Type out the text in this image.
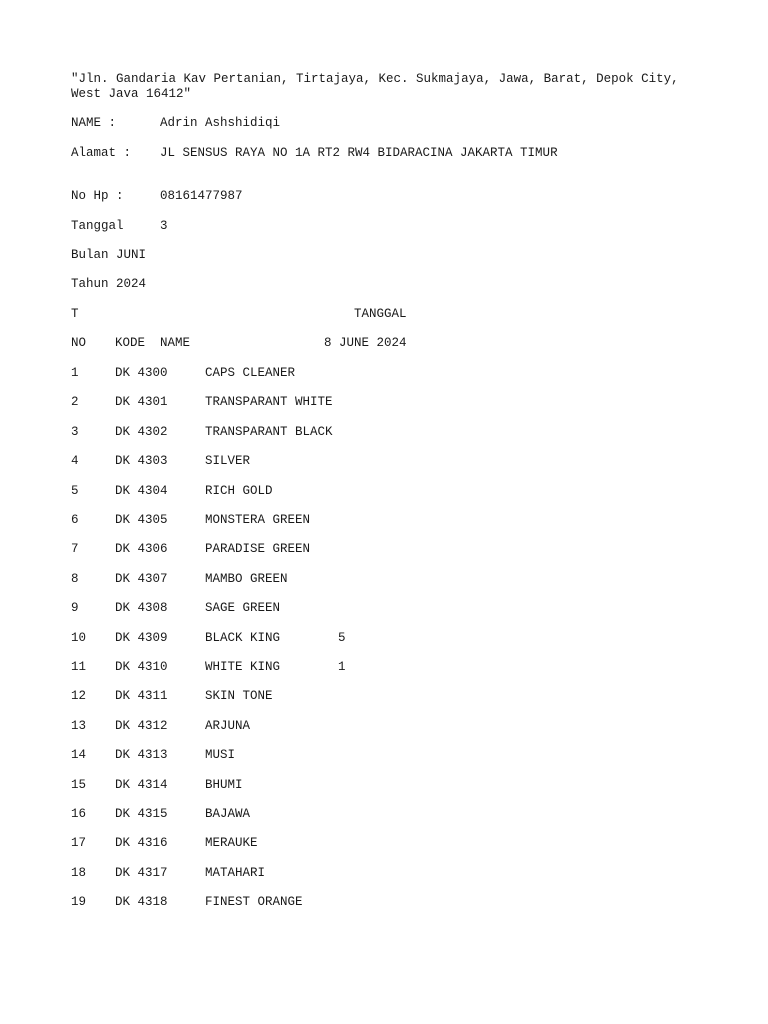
"Jln. Gandaria Kav Pertanian, Tirtajaya, Kec. Sukmajaya, Jawa, Barat, Depok City,
West Java 16412"
NAME :	Adrin Ashshidiqi
Alamat : JL SENSUS RAYA NO 1A RT2 RW4 BIDARACINA JAKARTA TIMUR
No Hp :	08161477987
Tanggal	3
Bulan JUNI
Tahun 2024
T	TANGGAL
NO KODE NAME	8 JUNE 2024
1	DK 4300	CAPS CLEANER
2	DK 4301	TRANSPARANT WHITE
3	DK 4302	TRANSPARANT BLACK
4	DK 4303	SILVER
5	DK 4304	RICH GOLD
6	DK 4305	MONSTERA GREEN
7	DK 4306	PARADISE GREEN
8	DK 4307	MAMBO GREEN
9	DK 4308	SAGE GREEN
10 DK 4309	BLACK KING	5
11 DK 4310	WHITE KING	1
12 DK 4311	SKIN TONE
13 DK 4312	ARJUNA
14 DK 4313	MUSI
15 DK 4314	BHUMI
16 DK 4315	BAJAWA
17 DK 4316	MERAUKE
18 DK 4317	MATAHARI
19 DK 4318	FINEST ORANGE
